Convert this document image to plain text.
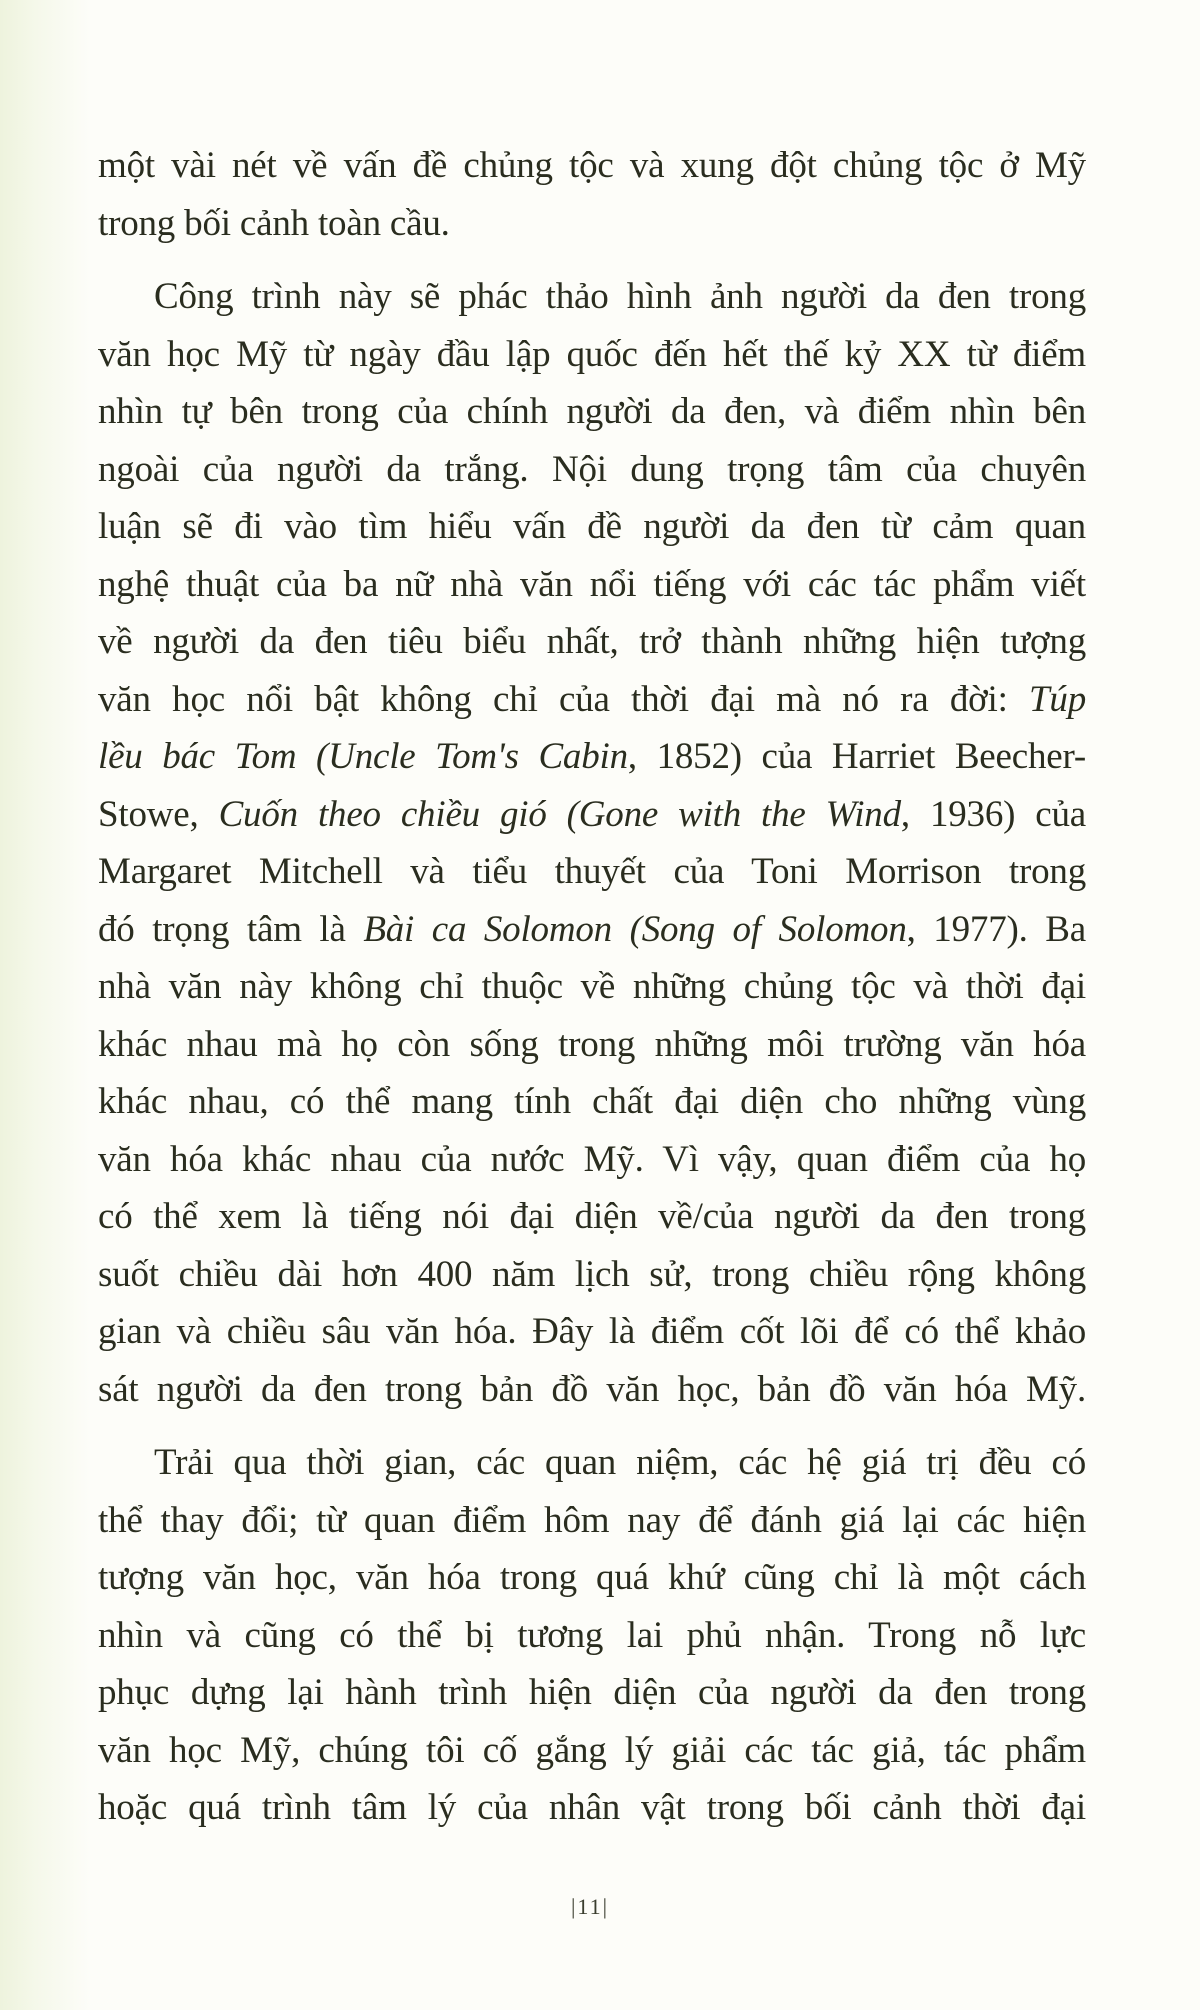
một vài nét về vấn đề chủng tộc và xung đột chủng tộc ở Mỹ
trong bối cảnh toàn cầu.
Công trình này sẽ phác thảo hình ảnh người da đen trong
văn học Mỹ từ ngày đầu lập quốc đến hết thế kỷ XX từ điểm
nhìn tự bên trong của chính người da đen, và điểm nhìn bên
ngoài của người da trắng. Nội dung trọng tâm của chuyên
luận sẽ đi vào tìm hiểu vấn đề người da đen từ cảm quan
nghệ thuật của ba nữ nhà văn nổi tiếng với các tác phẩm viết
về người da đen tiêu biểu nhất, trở thành những hiện tượng
văn học nổi bật không chỉ của thời đại mà nó ra đời: Túp
lều bác Tom (Uncle Tom's Cabin, 1852) của Harriet Beecher-
Stowe, Cuốn theo chiều gió (Gone with the Wind, 1936) của
Margaret Mitchell và tiểu thuyết của Toni Morrison trong
đó trọng tâm là Bài ca Solomon (Song of Solomon, 1977). Ba
nhà văn này không chỉ thuộc về những chủng tộc và thời đại
khác nhau mà họ còn sống trong những môi trường văn hóa
khác nhau, có thể mang tính chất đại diện cho những vùng
văn hóa khác nhau của nước Mỹ. Vì vậy, quan điểm của họ
có thể xem là tiếng nói đại diện về/của người da đen trong
suốt chiều dài hơn 400 năm lịch sử, trong chiều rộng không
gian và chiều sâu văn hóa. Đây là điểm cốt lõi để có thể khảo
sát người da đen trong bản đồ văn học, bản đồ văn hóa Mỹ.
Trải qua thời gian, các quan niệm, các hệ giá trị đều có
thể thay đổi; từ quan điểm hôm nay để đánh giá lại các hiện
tượng văn học, văn hóa trong quá khứ cũng chỉ là một cách
nhìn và cũng có thể bị tương lai phủ nhận. Trong nỗ lực
phục dựng lại hành trình hiện diện của người da đen trong
văn học Mỹ, chúng tôi cố gắng lý giải các tác giả, tác phẩm
hoặc quá trình tâm lý của nhân vật trong bối cảnh thời đại
|11|
